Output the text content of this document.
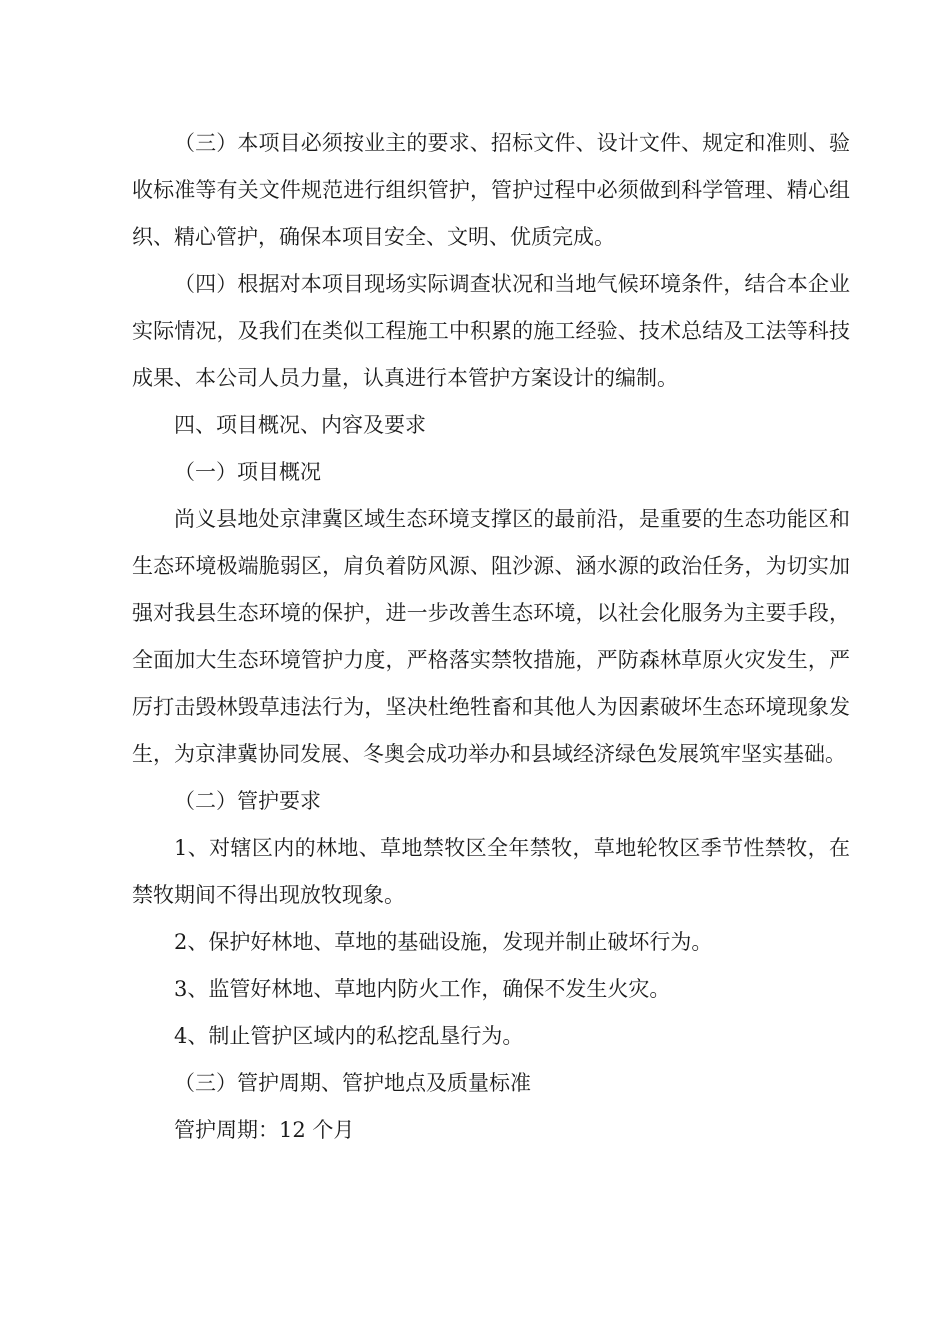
（三）本项目必须按业主的要求、招标文件、设计文件、规定和准则、验收标准等有关文件规范进行组织管护，管护过程中必须做到科学管理、精心组织、精心管护，确保本项目安全、文明、优质完成。

（四）根据对本项目现场实际调查状况和当地气候环境条件，结合本企业实际情况，及我们在类似工程施工中积累的施工经验、技术总结及工法等科技成果、本公司人员力量，认真进行本管护方案设计的编制。

四、项目概况、内容及要求

（一）项目概况

尚义县地处京津冀区域生态环境支撑区的最前沿，是重要的生态功能区和生态环境极端脆弱区，肩负着防风源、阻沙源、涵水源的政治任务，为切实加强对我县生态环境的保护，进一步改善生态环境，以社会化服务为主要手段，全面加大生态环境管护力度，严格落实禁牧措施，严防森林草原火灾发生，严厉打击毁林毁草违法行为，坚决杜绝牲畜和其他人为因素破坏生态环境现象发生，为京津冀协同发展、冬奥会成功举办和县域经济绿色发展筑牢坚实基础。

（二）管护要求

1、对辖区内的林地、草地禁牧区全年禁牧，草地轮牧区季节性禁牧，在禁牧期间不得出现放牧现象。

2、保护好林地、草地的基础设施，发现并制止破坏行为。

3、监管好林地、草地内防火工作，确保不发生火灾。

4、制止管护区域内的私挖乱垦行为。

（三）管护周期、管护地点及质量标准

管护周期：12 个月
